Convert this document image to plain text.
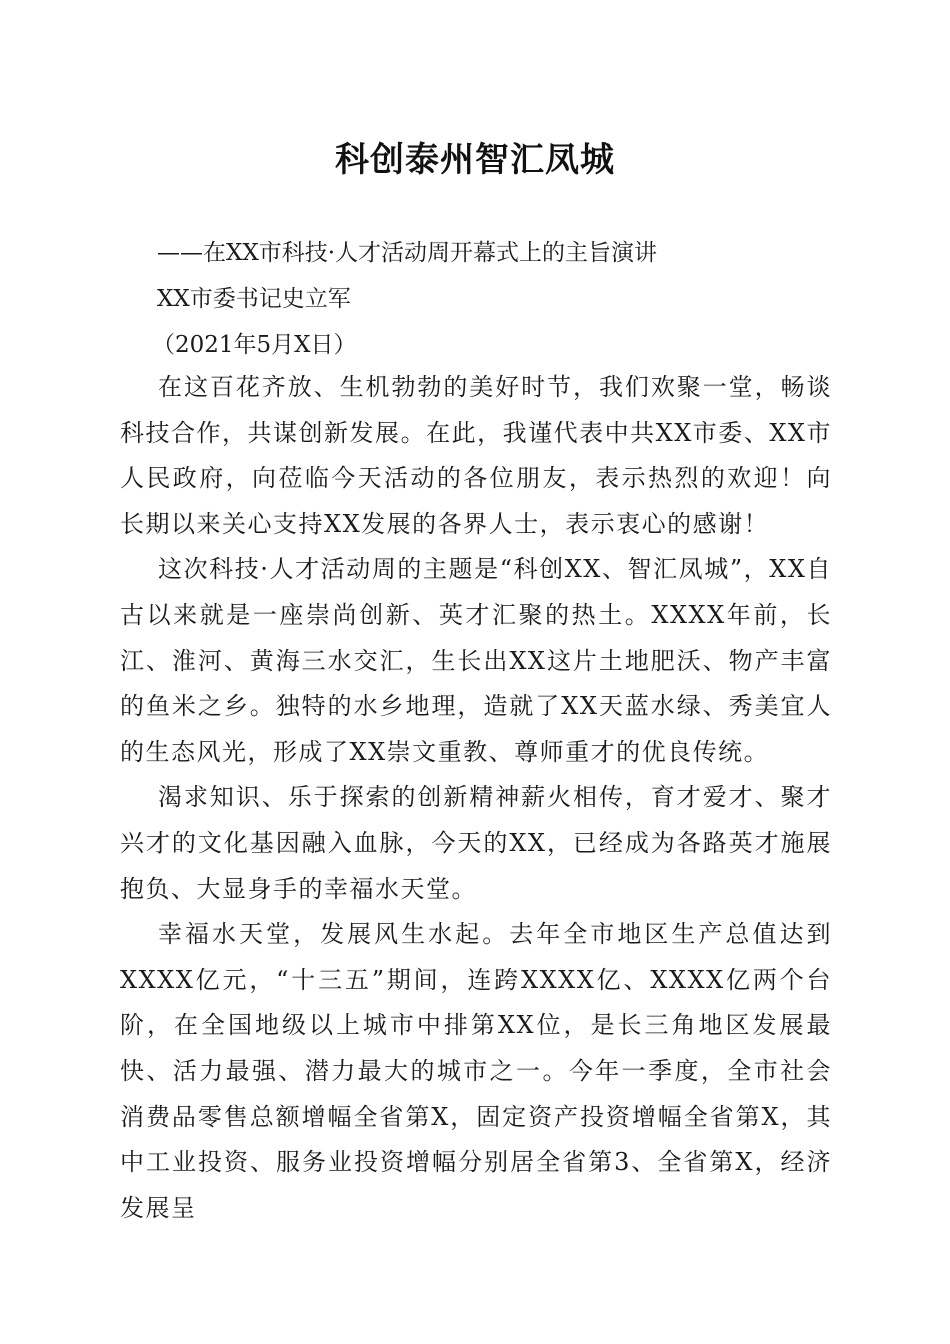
科创泰州智汇凤城
——在XX市科技·人才活动周开幕式上的主旨演讲
XX市委书记史立军
（2021年5月X日）

在这百花齐放、生机勃勃的美好时节，我们欢聚一堂，畅谈科技合作，共谋创新发展。在此，我谨代表中共XX市委、XX市人民政府，向莅临今天活动的各位朋友，表示热烈的欢迎！向长期以来关心支持XX发展的各界人士，表示衷心的感谢！

这次科技·人才活动周的主题是“科创XX、智汇凤城”，XX自古以来就是一座崇尚创新、英才汇聚的热土。XXXX年前，长江、淮河、黄海三水交汇，生长出XX这片土地肥沃、物产丰富的鱼米之乡。独特的水乡地理，造就了XX天蓝水绿、秀美宜人的生态风光，形成了XX崇文重教、尊师重才的优良传统。

渴求知识、乐于探索的创新精神薪火相传，育才爱才、聚才兴才的文化基因融入血脉，今天的XX，已经成为各路英才施展抱负、大显身手的幸福水天堂。

幸福水天堂，发展风生水起。去年全市地区生产总值达到XXXX亿元，“十三五”期间，连跨XXXX亿、XXXX亿两个台阶，在全国地级以上城市中排第XX位，是长三角地区发展最快、活力最强、潜力最大的城市之一。今年一季度，全市社会消费品零售总额增幅全省第X，固定资产投资增幅全省第X，其中工业投资、服务业投资增幅分别居全省第3、全省第X，经济发展呈
